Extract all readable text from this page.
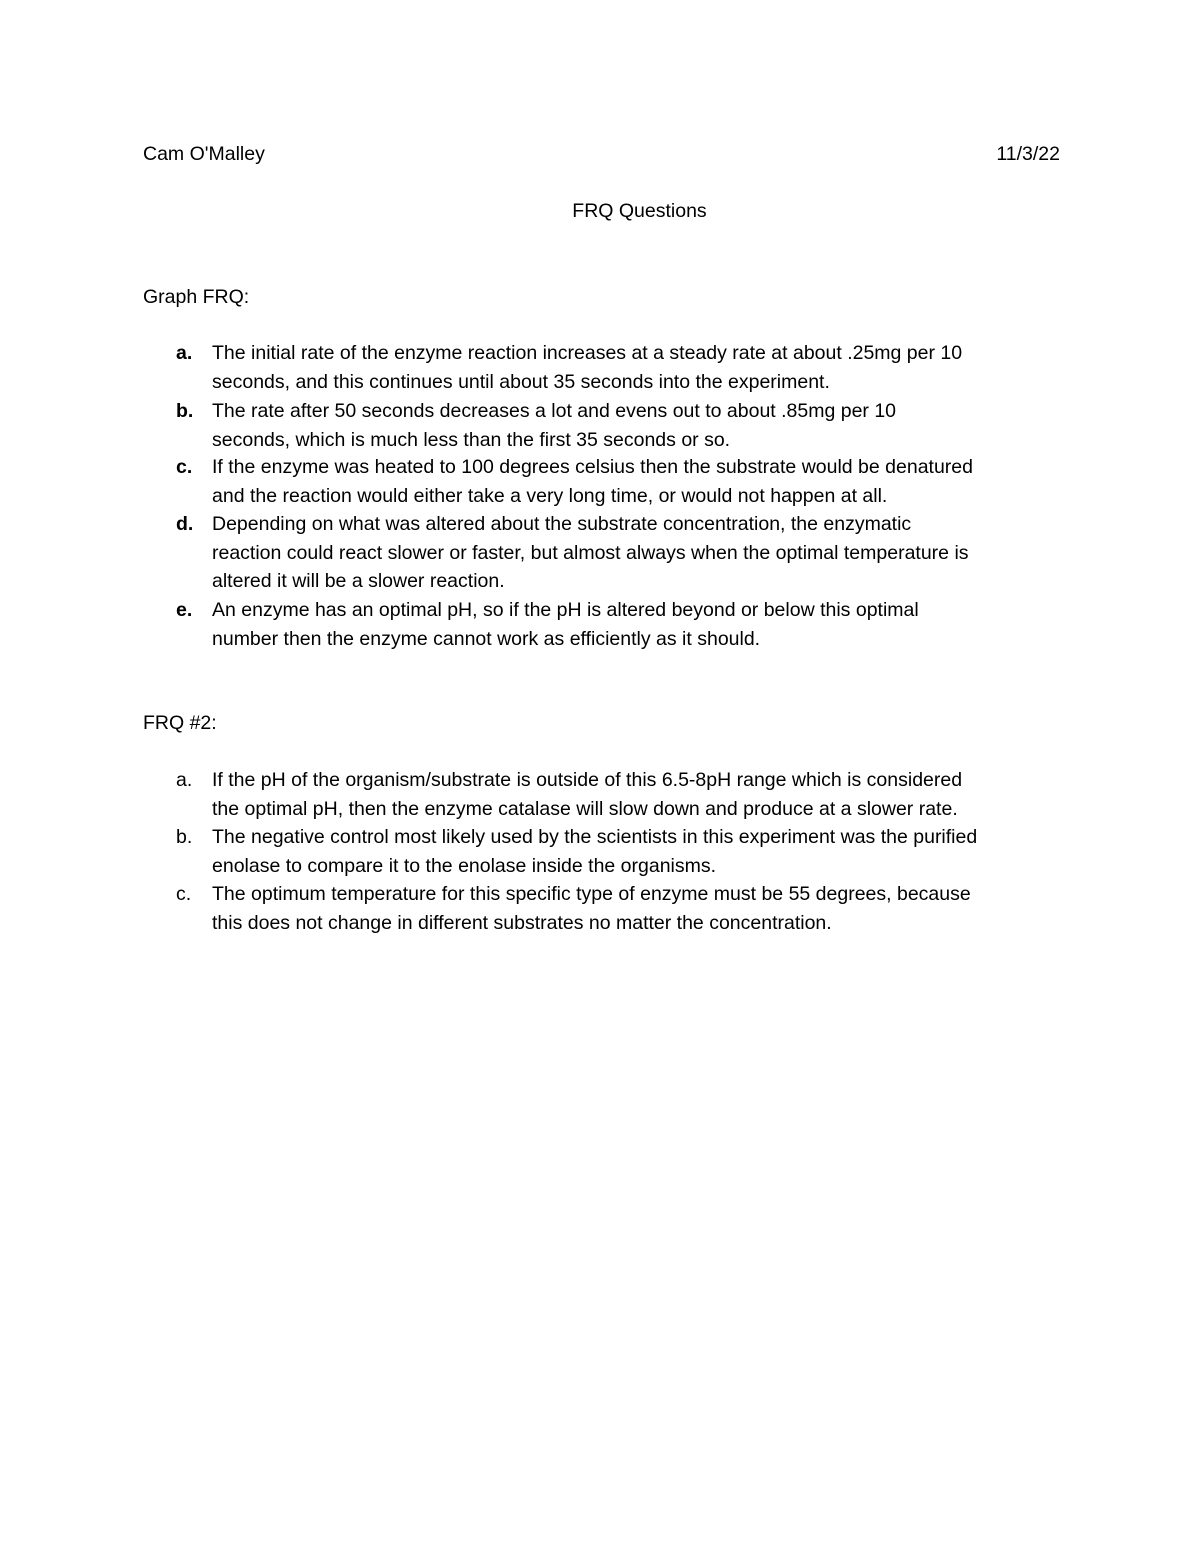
Cam O'Malley	11/3/22
FRQ Questions
Graph FRQ:
a. The initial rate of the enzyme reaction increases at a steady rate at about .25mg per 10
seconds, and this continues until about 35 seconds into the experiment.
b. The rate after 50 seconds decreases a lot and evens out to about .85mg per 10
seconds, which is much less than the first 35 seconds or so.
c. If the enzyme was heated to 100 degrees celsius then the substrate would be denatured
and the reaction would either take a very long time, or would not happen at all.
d. Depending on what was altered about the substrate concentration, the enzymatic
reaction could react slower or faster, but almost always when the optimal temperature is
altered it will be a slower reaction.
e. An enzyme has an optimal pH, so if the pH is altered beyond or below this optimal
number then the enzyme cannot work as efficiently as it should.
FRQ #2:
a. If the pH of the organism/substrate is outside of this 6.5-8pH range which is considered
the optimal pH, then the enzyme catalase will slow down and produce at a slower rate.
b. The negative control most likely used by the scientists in this experiment was the purified
enolase to compare it to the enolase inside the organisms.
c. The optimum temperature for this specific type of enzyme must be 55 degrees, because
this does not change in different substrates no matter the concentration.
